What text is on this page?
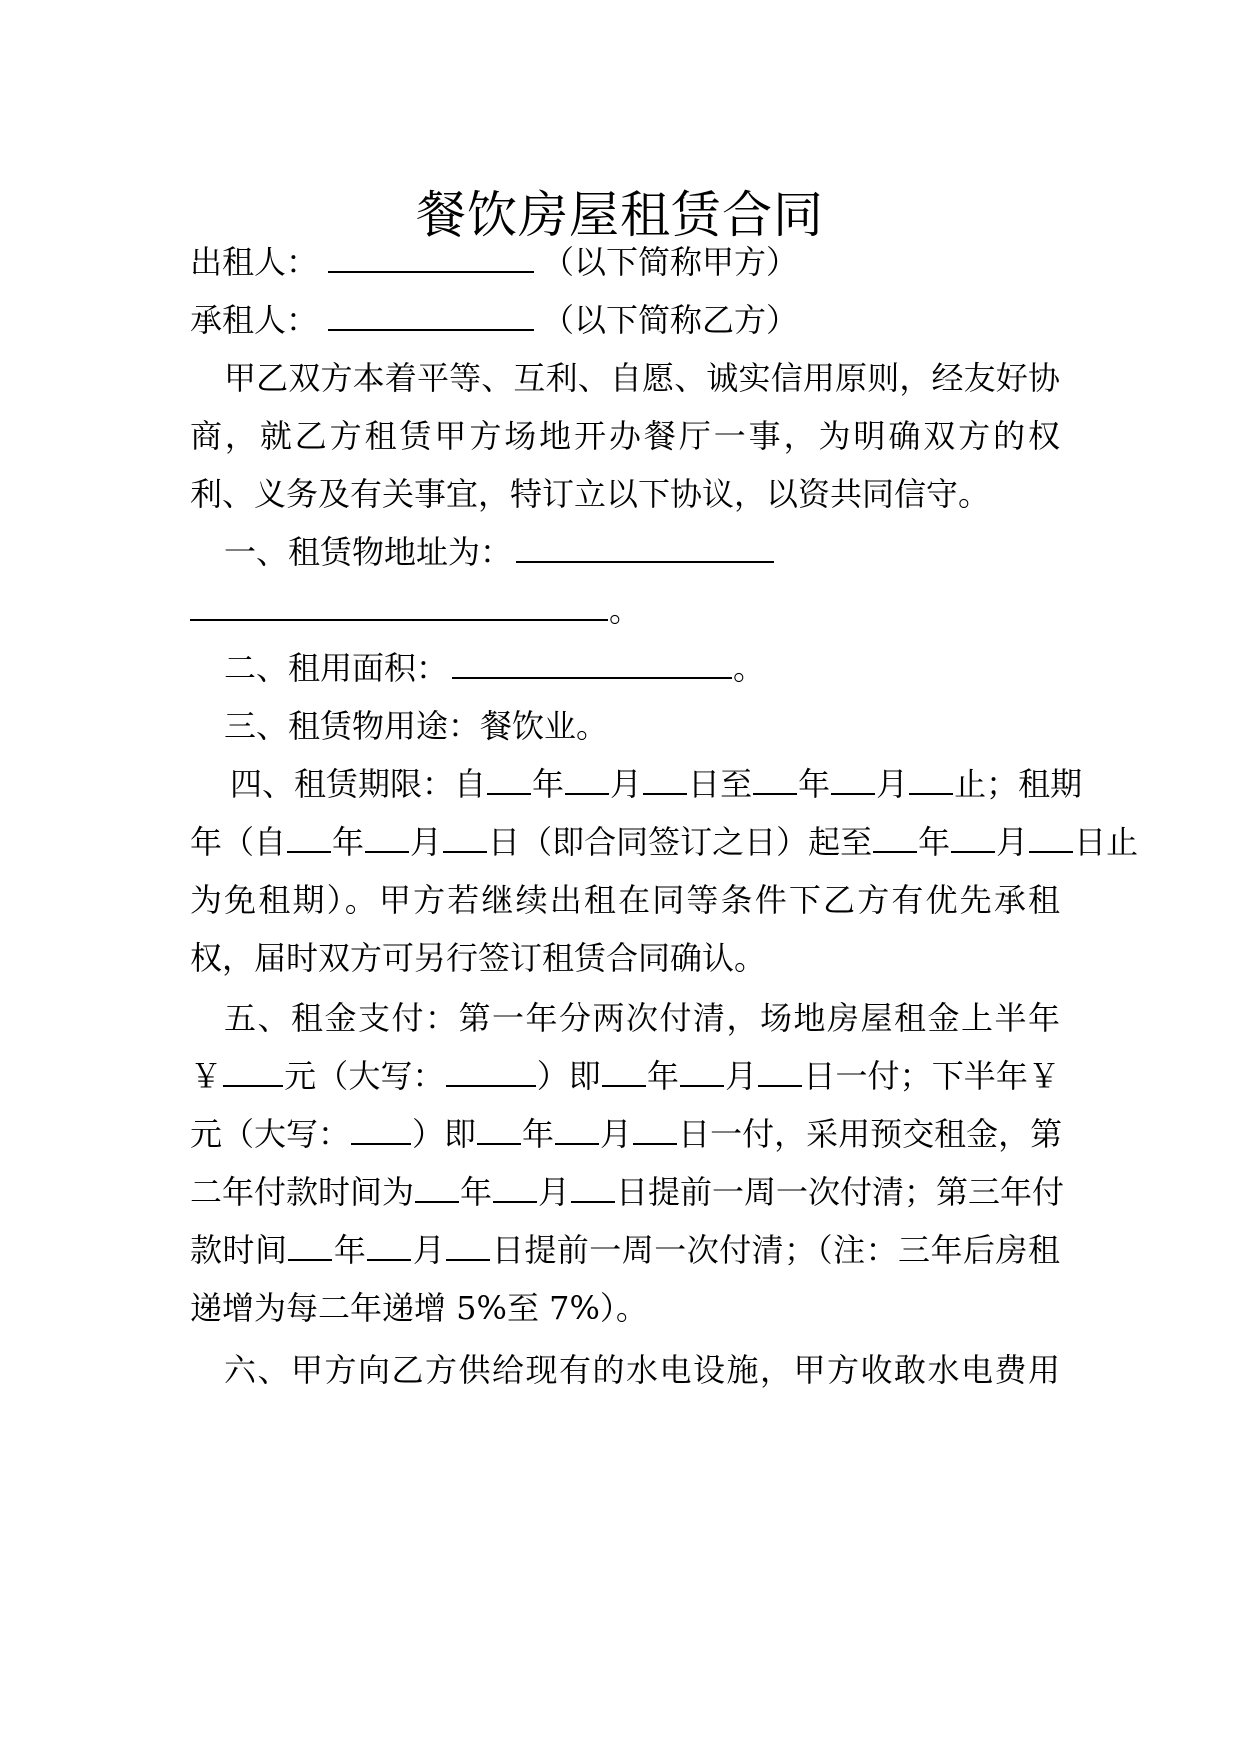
餐饮房屋租赁合同
出租人：	（以下简称甲方）
承租人：	（以下简称乙方）
甲乙双方本着平等、互利、自愿、诚实信用原则，经友好协
商，就乙方租赁甲方场地开办餐厅一事，为明确双方的权
利、义务及有关事宜，特订立以下协议，以资共同信守。
一、租赁物地址为：
。
二、租用面积：	。
三、租赁物用途：餐饮业。
四、租赁期限：自 年 月 日至 年 月 止；租期
年（自 年 月 日（即合同签订之日）起至 年 月 日止
为免租期）。甲方若继续出租在同等条件下乙方有优先承租
权，届时双方可另行签订租赁合同确认。
五、租金支付：第一年分两次付清，场地房屋租金上半年
￥ 元（大写：	）即 年 月 日一付；下半年￥
元（大写： ）即 年 月 日一付，采用预交租金，第
二年付款时间为 年 月 日提前一周一次付清；第三年付
款时间 年 月 日提前一周一次付清；（注：三年后房租
递增为每二年递增 5%至 7%）。
六、甲方向乙方供给现有的水电设施，甲方收敢水电费用
